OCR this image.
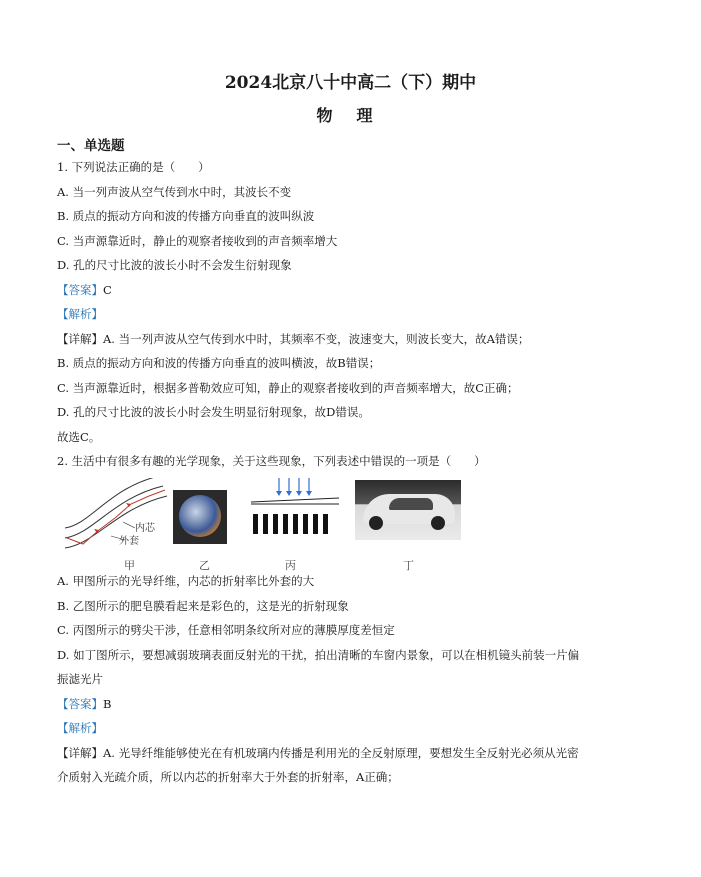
2024北京八十中高二（下）期中
物理
一、单选题
1. 下列说法正确的是（　　）
A. 当一列声波从空气传到水中时，其波长不变
B. 质点的振动方向和波的传播方向垂直的波叫纵波
C. 当声源靠近时，静止的观察者接收到的声音频率增大
D. 孔的尺寸比波的波长小时不会发生衍射现象
【答案】C
【解析】
【详解】A. 当一列声波从空气传到水中时，其频率不变，波速变大，则波长变大，故A错误；
B. 质点的振动方向和波的传播方向垂直的波叫横波，故B错误；
C. 当声源靠近时，根据多普勒效应可知，静止的观察者接收到的声音频率增大，故C正确；
D. 孔的尺寸比波的波长小时会发生明显衍射现象，故D错误。
故选C。
2. 生活中有很多有趣的光学现象，关于这些现象，下列表述中错误的一项是（　　）
内芯
外套
甲	乙	丙	丁
A. 甲图所示的光导纤维，内芯的折射率比外套的大
B. 乙图所示的肥皂膜看起来是彩色的，这是光的折射现象
C. 丙图所示的劈尖干涉，任意相邻明条纹所对应的薄膜厚度差恒定
D. 如丁图所示，要想减弱玻璃表面反射光的干扰，拍出清晰的车窗内景象，可以在相机镜头前装一片偏
振滤光片
【答案】B
【解析】
【详解】A. 光导纤维能够使光在有机玻璃内传播是利用光的全反射原理，要想发生全反射光必须从光密
介质射入光疏介质，所以内芯的折射率大于外套的折射率，A正确；
